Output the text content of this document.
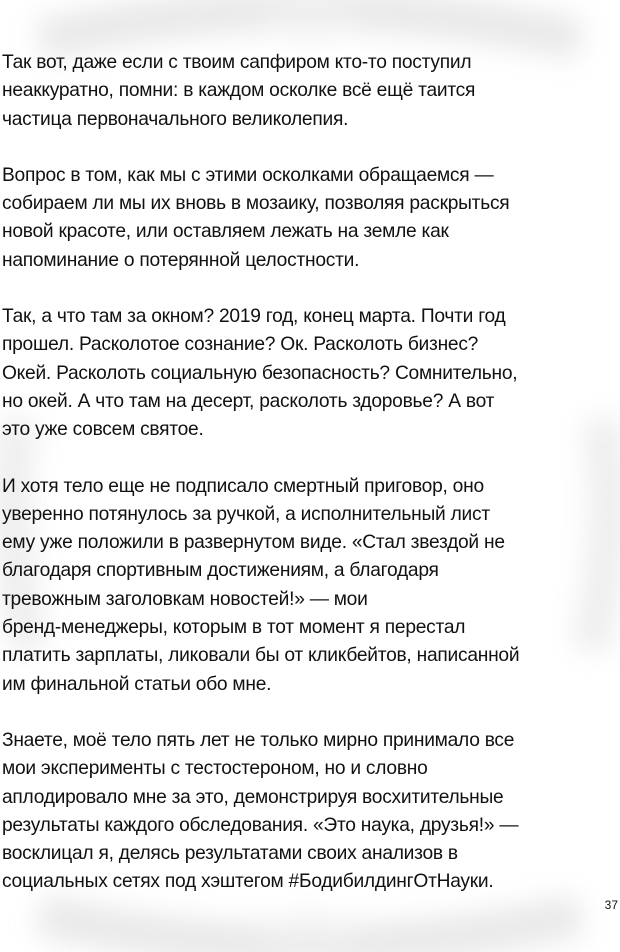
Так вот, даже если с твоим сапфиром кто-то поступил
неаккуратно, помни: в каждом осколке всё ещё таится
частица первоначального великолепия.

Вопрос в том, как мы с этими осколками обращаемся —
собираем ли мы их вновь в мозаику, позволяя раскрыться
новой красоте, или оставляем лежать на земле как
напоминание о потерянной целостности.

Так, а что там за окном? 2019 год, конец марта. Почти год
прошел. Расколотое сознание? Ок. Расколоть бизнес?
Окей. Расколоть социальную безопасность? Сомнительно,
но окей. А что там на десерт, расколоть здоровье? А вот
это уже совсем святое.

И хотя тело еще не подписало смертный приговор, оно
уверенно потянулось за ручкой, а исполнительный лист
ему уже положили в развернутом виде. «Стал звездой не
благодаря спортивным достижениям, а благодаря
тревожным заголовкам новостей!» — мои
бренд-менеджеры, которым в тот момент я перестал
платить зарплаты, ликовали бы от кликбейтов, написанной
им финальной статьи обо мне.

Знаете, моё тело пять лет не только мирно принимало все
мои эксперименты с тестостероном, но и словно
аплодировало мне за это, демонстрируя восхитительные
результаты каждого обследования. «Это наука, друзья!» —
восклицал я, делясь результатами своих анализов в
социальных сетях под хэштегом #БодибилдингОтНауки.

37
